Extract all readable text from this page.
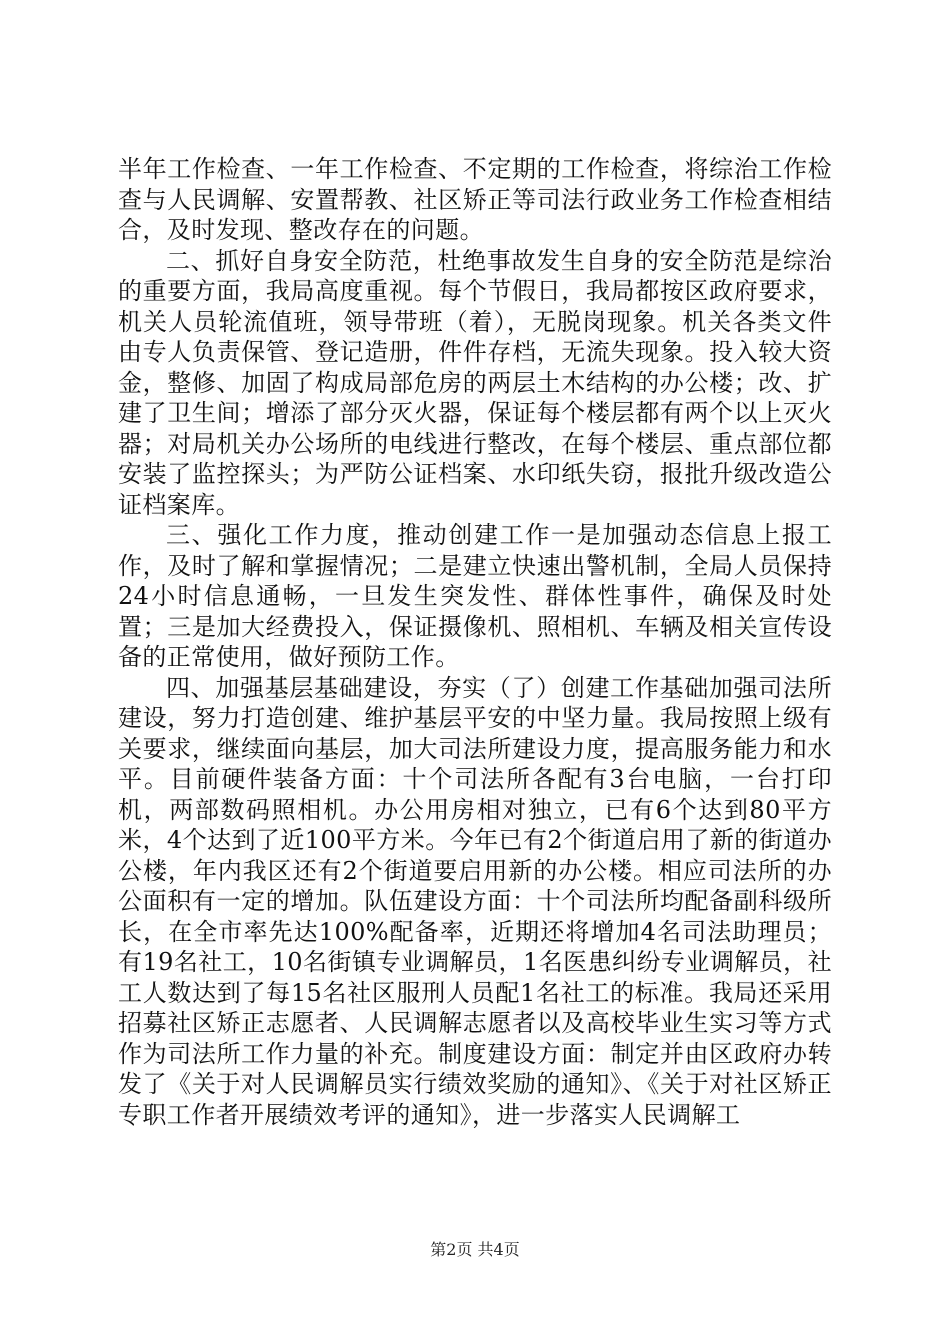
半年工作检查、一年工作检查、不定期的工作检查，将综治工作检查与人民调解、安置帮教、社区矫正等司法行政业务工作检查相结合，及时发现、整改存在的问题。

二、抓好自身安全防范，杜绝事故发生自身的安全防范是综治的重要方面，我局高度重视。每个节假日，我局都按区政府要求，机关人员轮流值班，领导带班（着），无脱岗现象。机关各类文件由专人负责保管、登记造册，件件存档，无流失现象。投入较大资金，整修、加固了构成局部危房的两层土木结构的办公楼；改、扩建了卫生间；增添了部分灭火器，保证每个楼层都有两个以上灭火器；对局机关办公场所的电线进行整改，在每个楼层、重点部位都安装了监控探头；为严防公证档案、水印纸失窃，报批升级改造公证档案库。

三、强化工作力度，推动创建工作一是加强动态信息上报工作，及时了解和掌握情况；二是建立快速出警机制，全局人员保持24小时信息通畅，一旦发生突发性、群体性事件，确保及时处置；三是加大经费投入，保证摄像机、照相机、车辆及相关宣传设备的正常使用，做好预防工作。

四、加强基层基础建设，夯实（了）创建工作基础加强司法所建设，努力打造创建、维护基层平安的中坚力量。我局按照上级有关要求，继续面向基层，加大司法所建设力度，提高服务能力和水平。目前硬件装备方面：十个司法所各配有3台电脑，一台打印机，两部数码照相机。办公用房相对独立，已有6个达到80平方米，4个达到了近100平方米。今年已有2个街道启用了新的街道办公楼，年内我区还有2个街道要启用新的办公楼。相应司法所的办公面积有一定的增加。队伍建设方面：十个司法所均配备副科级所长，在全市率先达100%配备率，近期还将增加4名司法助理员；有19名社工，10名街镇专业调解员，1名医患纠纷专业调解员，社工人数达到了每15名社区服刑人员配1名社工的标准。我局还采用招募社区矫正志愿者、人民调解志愿者以及高校毕业生实习等方式作为司法所工作力量的补充。制度建设方面：制定并由区政府办转发了《关于对人民调解员实行绩效奖励的通知》、《关于对社区矫正专职工作者开展绩效考评的通知》，进一步落实人民调解工

第2页 共4页
